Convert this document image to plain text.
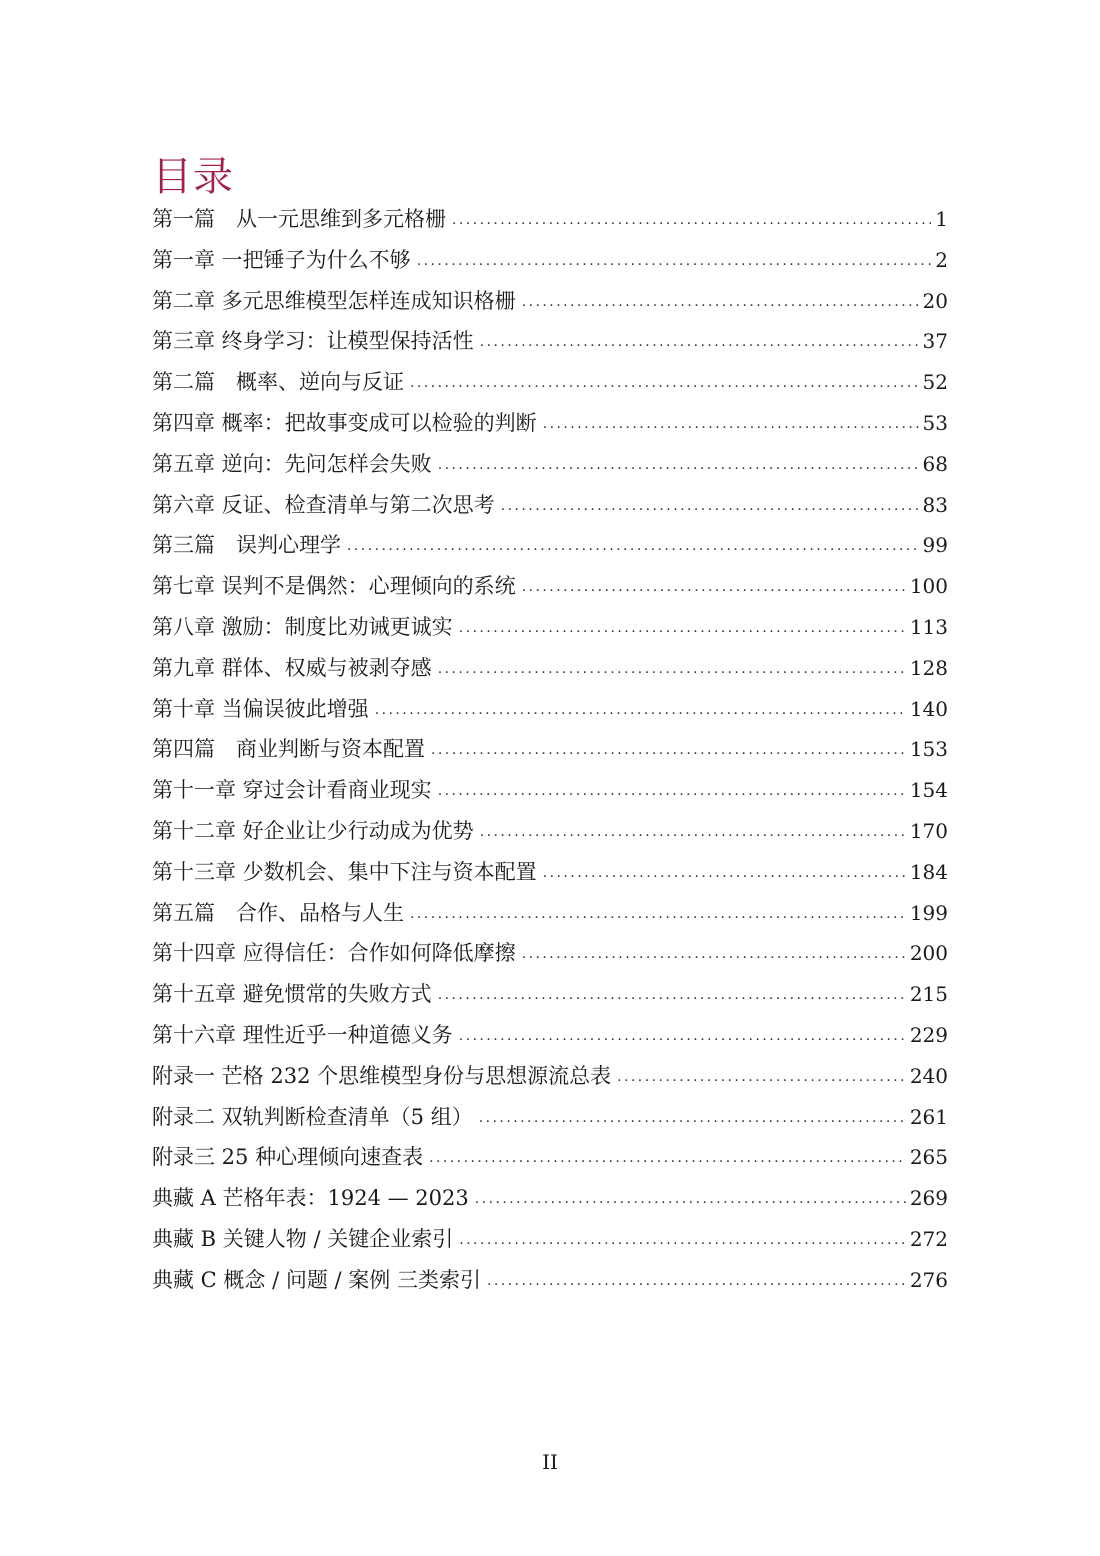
目录
第一篇　从一元思维到多元格栅 . . .	1
第一章 一把锤子为什么不够 . . .	2
第二章 多元思维模型怎样连成知识格栅 . . .	20
第三章 终身学习：让模型保持活性 . . .	37
第二篇　概率、逆向与反证 . . .	52
第四章 概率：把故事变成可以检验的判断 . . .	53
第五章 逆向：先问怎样会失败 . . .	68
第六章 反证、检查清单与第二次思考 . . .	83
第三篇　误判心理学 . . .	99
第七章 误判不是偶然：心理倾向的系统 . . .	100
第八章 激励：制度比劝诫更诚实 . . .	113
第九章 群体、权威与被剥夺感 . . .	128
第十章 当偏误彼此增强 . . .	140
第四篇　商业判断与资本配置 . . .	153
第十一章 穿过会计看商业现实 . . .	154
第十二章 好企业让少行动成为优势 . . .	170
第十三章 少数机会、集中下注与资本配置 . . .	184
第五篇　合作、品格与人生 . . .	199
第十四章 应得信任：合作如何降低摩擦 . . .	200
第十五章 避免惯常的失败方式 . . .	215
第十六章 理性近乎一种道德义务 . . .	229
附录一 芒格 232 个思维模型身份与思想源流总表 . . .	240
附录二 双轨判断检查清单（5 组） . . .	261
附录三 25 种心理倾向速查表 . . .	265
典藏 A 芒格年表：1924 — 2023 . . .	269
典藏 B 关键人物 / 关键企业索引 . . .	272
典藏 C 概念 / 问题 / 案例 三类索引 . . .	276
II
